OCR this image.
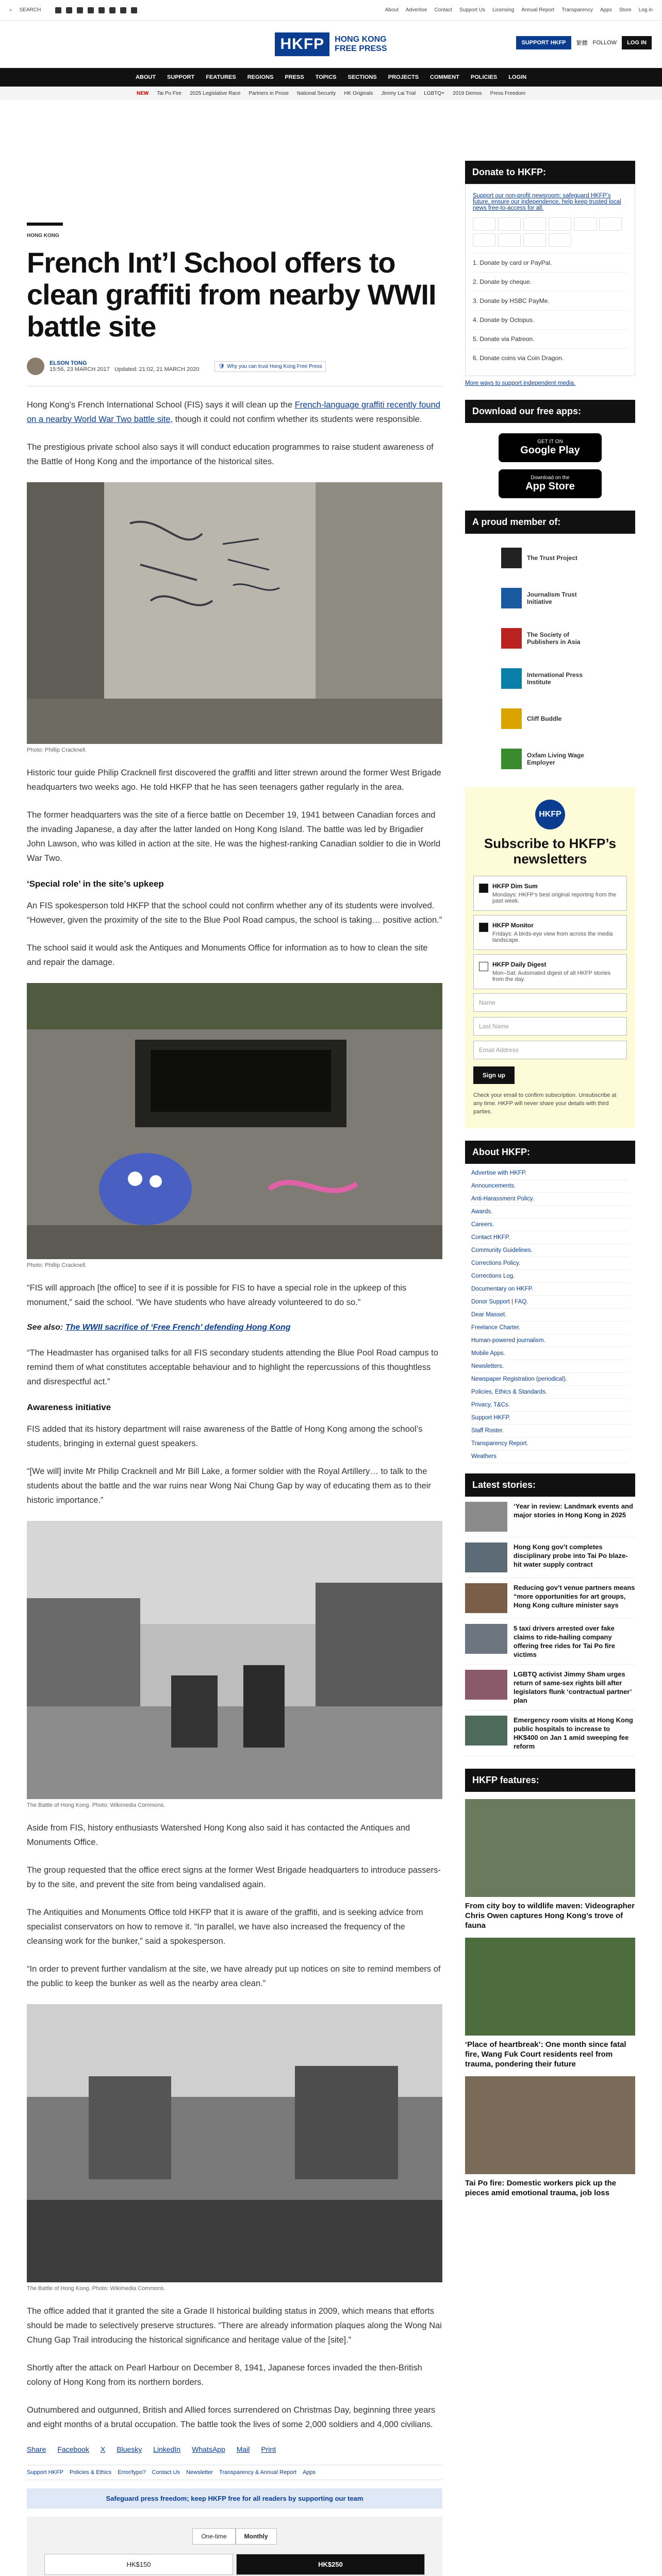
⌕ SEARCH	About Advertise Contact Support Us Licensing Annual Report Transparency Apps Store Log in
HKFP	HONG KONG
FREE PRESS
SUPPORT HKFP	繁體 FOLLOW	LOG IN
ABOUT SUPPORT FEATURES REGIONS PRESS TOPICS SECTIONS PROJECTS COMMENT POLICIES LOGIN
NEW Tai Po Fire 2025 Legislative Race Partners in Prose National Security HK Originals Jimmy Lai Trial LGBTQ+ 2019 Demos Press Freedom
HONG KONG
French Int’l School offers to clean graffiti from nearby WWII battle site
ELSON TONG
15:56, 23 MARCH 2017 Updated: 21:02, 21 MARCH 2020	🛡 Why you can trust Hong Kong Free Press

Hong Kong’s French International School (FIS) says it will clean up the French-language graffiti recently found on a nearby World War Two battle site, though it could not confirm whether its students were responsible.

The prestigious private school also says it will conduct education programmes to raise student awareness of the Battle of Hong Kong and the importance of the historical sites.

Photo: Phillip Cracknell.

Historic tour guide Philip Cracknell first discovered the graffiti and litter strewn around the former West Brigade headquarters two weeks ago. He told HKFP that he has seen teenagers gather regularly in the area.

The former headquarters was the site of a fierce battle on December 19, 1941 between Canadian forces and the invading Japanese, a day after the latter landed on Hong Kong Island. The battle was led by Brigadier John Lawson, who was killed in action at the site. He was the highest-ranking Canadian soldier to die in World War Two.

‘Special role’ in the site’s upkeep

An FIS spokesperson told HKFP that the school could not confirm whether any of its students were involved. “However, given the proximity of the site to the Blue Pool Road campus, the school is taking… positive action.”

The school said it would ask the Antiques and Monuments Office for information as to how to clean the site and repair the damage.

Photo: Phillip Cracknell.

“FIS will approach [the office] to see if it is possible for FIS to have a special role in the upkeep of this monument,” said the school. “We have students who have already volunteered to do so.”

See also: The WWII sacrifice of ‘Free French’ defending Hong Kong

“The Headmaster has organised talks for all FIS secondary students attending the Blue Pool Road campus to remind them of what constitutes acceptable behaviour and to highlight the repercussions of this thoughtless and disrespectful act.”

Awareness initiative

FIS added that its history department will raise awareness of the Battle of Hong Kong among the school’s students, bringing in external guest speakers.

“[We will] invite Mr Philip Cracknell and Mr Bill Lake, a former soldier with the Royal Artillery… to talk to the students about the battle and the war ruins near Wong Nai Chung Gap by way of educating them as to their historic importance.”

The Battle of Hong Kong. Photo: Wikimedia Commons.

Aside from FIS, history enthusiasts Watershed Hong Kong also said it has contacted the Antiques and Monuments Office.

The group requested that the office erect signs at the former West Brigade headquarters to introduce passers-by to the site, and prevent the site from being vandalised again.

The Antiquities and Monuments Office told HKFP that it is aware of the graffiti, and is seeking advice from specialist conservators on how to remove it. “In parallel, we have also increased the frequency of the cleansing work for the bunker,” said a spokesperson.

“In order to prevent further vandalism at the site, we have already put up notices on site to remind members of the public to keep the bunker as well as the nearby area clean.”

The Battle of Hong Kong. Photo: Wikimedia Commons.

The office added that it granted the site a Grade II historical building status in 2009, which means that efforts should be made to selectively preserve structures. “There are already information plaques along the Wong Nai Chung Gap Trail introducing the historical significance and heritage value of the [site].”

Shortly after the attack on Pearl Harbour on December 8, 1941, Japanese forces invaded the then-British colony of Hong Kong from its northern borders.

Outnumbered and outgunned, British and Allied forces surrendered on Christmas Day, beginning three years and eight months of a brutal occupation. The battle took the lives of some 2,000 soldiers and 4,000 civilians.

Share Facebook X Bluesky LinkedIn WhatsApp Mail Print
Support HKFP Policies & Ethics Error/typo? Contact Us Newsletter Transparency & Annual Report Apps
Safeguard press freedom; keep HKFP free for all readers by supporting our team
One-time	Monthly
HK$150	HK$250
Donate to HKFP:
Support our non-profit newsroom: safeguard HKFP’s future, ensure our independence, help keep trusted local news free-to-access for all.
1. Donate by card or PayPal.
2. Donate by cheque.
3. Donate by HSBC PayMe.
4. Donate by Octopus.
5. Donate via Patreon.
6. Donate coins via Coin Dragon.
More ways to support independent media.
Download our free apps:
GET IT ON
Google Play
Download on the
App Store
A proud member of:
The Trust Project
Journalism Trust Initiative
The Society of Publishers in Asia
International Press Institute
Cliff Buddle
Oxfam Living Wage Employer
HKFP
Subscribe to HKFP’s newsletters
HKFP Dim Sum
Mondays: HKFP’s best original reporting from the past week.
HKFP Monitor
Fridays: A birds-eye view from across the media landscape.
HKFP Daily Digest
Mon–Sat: Automated digest of all HKFP stories from the day.
Name
Last Name
Email Address
Sign up
Check your email to confirm subscription. Unsubscribe at any time. HKFP will never share your details with third parties.
About HKFP:
Advertise with HKFP.
Announcements.
Anti-Harassment Policy.
Awards.
Careers.
Contact HKFP.
Community Guidelines.
Corrections Policy.
Corrections Log.
Documentary on HKFP.
Donor Support | FAQ.
Dear Masset.
Freelance Charter.
Human-powered journalism.
Mobile Apps.
Newsletters.
Newspaper Registration (periodical).
Policies, Ethics & Standards.
Privacy, T&Cs.
Support HKFP.
Staff Roster.
Transparency Report.
Weathers
Latest stories:
‘Year in review: Landmark events and major stories in Hong Kong in 2025
Hong Kong gov’t completes disciplinary probe into Tai Po blaze-hit water supply contract
Reducing gov’t venue partners means “more opportunities for art groups, Hong Kong culture minister says
5 taxi drivers arrested over fake claims to ride-hailing company offering free rides for Tai Po fire victims
LGBTQ activist Jimmy Sham urges return of same-sex rights bill after legislators flunk ‘contractual partner’ plan
Emergency room visits at Hong Kong public hospitals to increase to HK$400 on Jan 1 amid sweeping fee reform
HKFP features:
From city boy to wildlife maven: Videographer Chris Owen captures Hong Kong’s trove of fauna
‘Place of heartbreak’: One month since fatal fire, Wang Fuk Court residents reel from trauma, pondering their future
Tai Po fire: Domestic workers pick up the pieces amid emotional trauma, job loss
